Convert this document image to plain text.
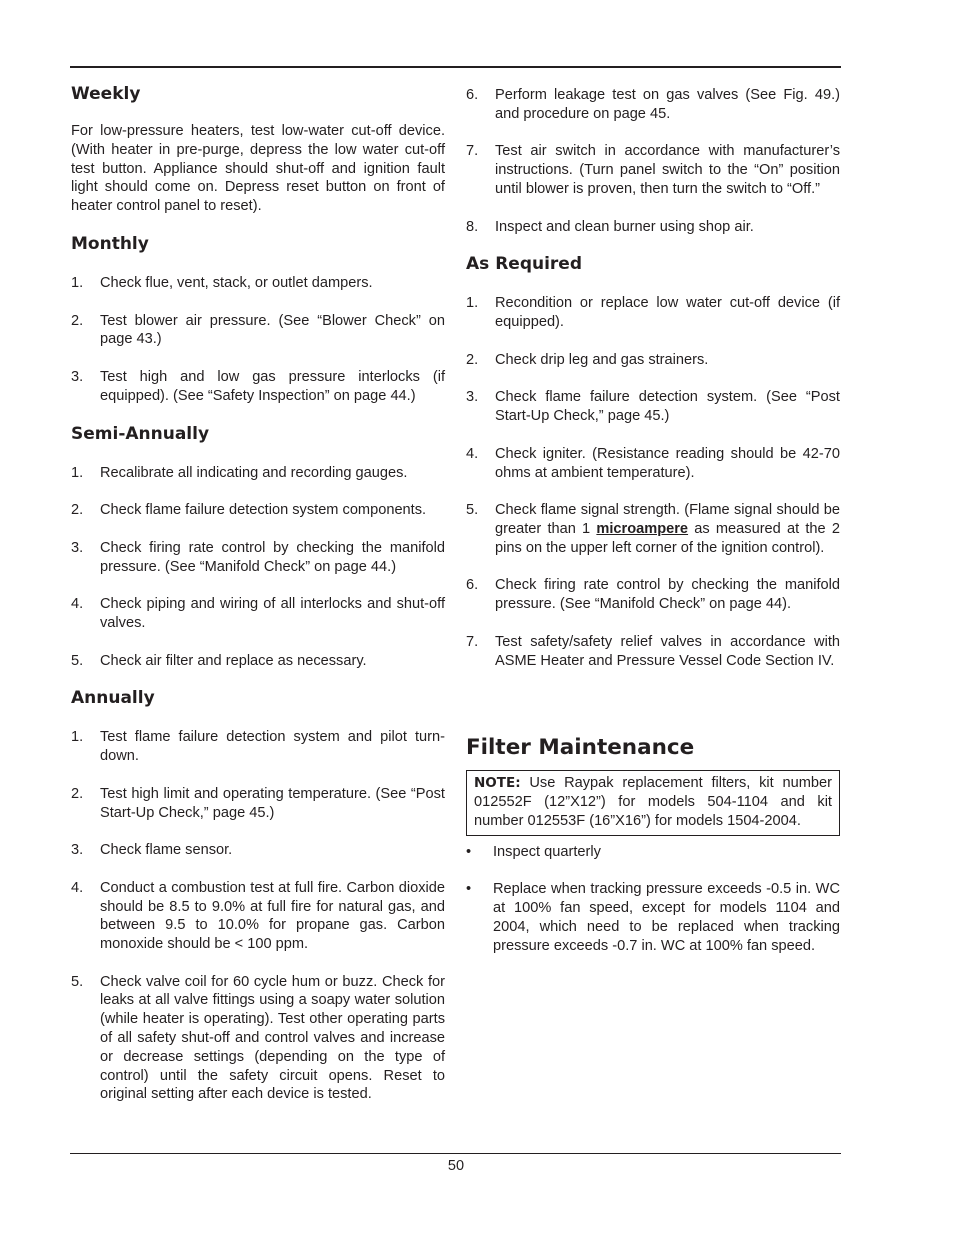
Weekly

For low-pressure heaters, test low-water cut-off device. (With heater in pre-purge, depress the low water cut-off test button. Appliance should shut-off and ignition fault light should come on. Depress reset button on front of heater control panel to reset).

Monthly
1.	Check flue, vent, stack, or outlet dampers.
2.	Test blower air pressure. (See “Blower Check” on page 43.)
3.	Test high and low gas pressure interlocks (if equipped). (See “Safety Inspection” on page 44.)
Semi-Annually
1.	Recalibrate all indicating and recording gauges.
2.	Check flame failure detection system components.
3.	Check firing rate control by checking the manifold pressure. (See “Manifold Check” on page 44.)
4.	Check piping and wiring of all interlocks and shut-off valves.
5.	Check air filter and replace as necessary.
Annually
1.	Test flame failure detection system and pilot turn-down.
2.	Test high limit and operating temperature. (See “Post Start-Up Check,” page 45.)
3.	Check flame sensor.
4.	Conduct a combustion test at full fire. Carbon dioxide should be 8.5 to 9.0% at full fire for natural gas, and between 9.5 to 10.0% for propane gas. Carbon monoxide should be < 100 ppm.
5.	Check valve coil for 60 cycle hum or buzz. Check for leaks at all valve fittings using a soapy water solution (while heater is operating). Test other operating parts of all safety shut-off and control valves and increase or decrease settings (depending on the type of control) until the safety circuit opens. Reset to original setting after each device is tested.
6.	Perform leakage test on gas valves (See Fig. 49.) and procedure on page 45.
7.	Test air switch in accordance with manufacturer’s instructions. (Turn panel switch to the “On” position until blower is proven, then turn the switch to “Off.”
8.	Inspect and clean burner using shop air.
As Required
1.	Recondition or replace low water cut-off device (if equipped).
2.	Check drip leg and gas strainers.
3.	Check flame failure detection system. (See “Post Start-Up Check,” page 45.)
4.	Check igniter. (Resistance reading should be 42-70 ohms at ambient temperature).
5.	Check flame signal strength. (Flame signal should be greater than 1 microampere as measured at the 2 pins on the upper left corner of the ignition control).
6.	Check firing rate control by checking the manifold pressure. (See “Manifold Check” on page 44).
7.	Test safety/safety relief valves in accordance with ASME Heater and Pressure Vessel Code Section IV.
Filter Maintenance
NOTE: Use Raypak replacement filters, kit number 012552F (12”X12”) for models 504-1104 and kit number 012553F (16”X16”) for models 1504-2004.
•	Inspect quarterly
•	Replace when tracking pressure exceeds -0.5 in. WC at 100% fan speed, except for models 1104 and 2004, which need to be replaced when tracking pressure exceeds -0.7 in. WC at 100% fan speed.
50
